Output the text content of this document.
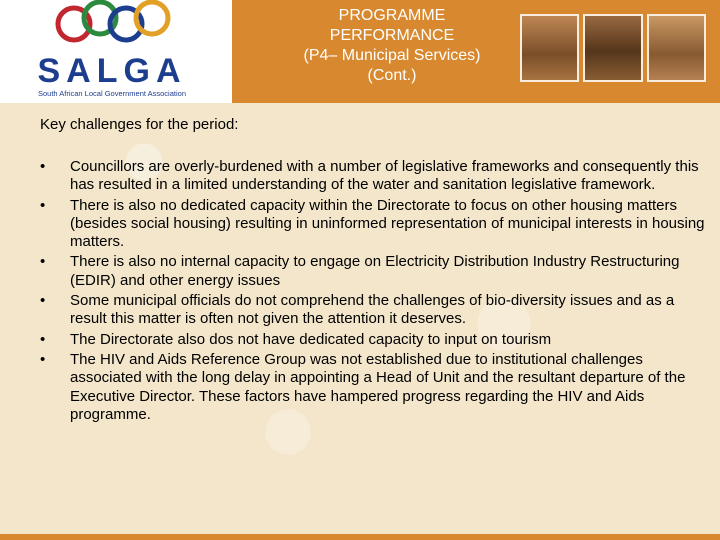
SALGA
South African Local Government Association
PROGRAMME
PERFORMANCE
(P4– Municipal Services)
(Cont.)
Key challenges for the period:
• Councillors are overly-burdened with a number of legislative frameworks and consequently this has resulted in a limited understanding of the water and sanitation legislative framework.
• There is also no dedicated capacity within the Directorate to focus on other housing matters (besides social housing) resulting in uninformed representation of municipal interests in housing matters.
• There is also no internal capacity to engage on Electricity Distribution Industry Restructuring (EDIR) and other energy issues
• Some municipal officials do not comprehend the challenges of bio-diversity issues and as a result this matter is often not given the attention it deserves.
• The Directorate also dos not have dedicated capacity to input on tourism
• The HIV and Aids Reference Group was not established due to institutional challenges associated with the long delay in appointing a Head of Unit and the resultant departure of the Executive Director. These factors have hampered progress regarding the HIV and Aids programme.
